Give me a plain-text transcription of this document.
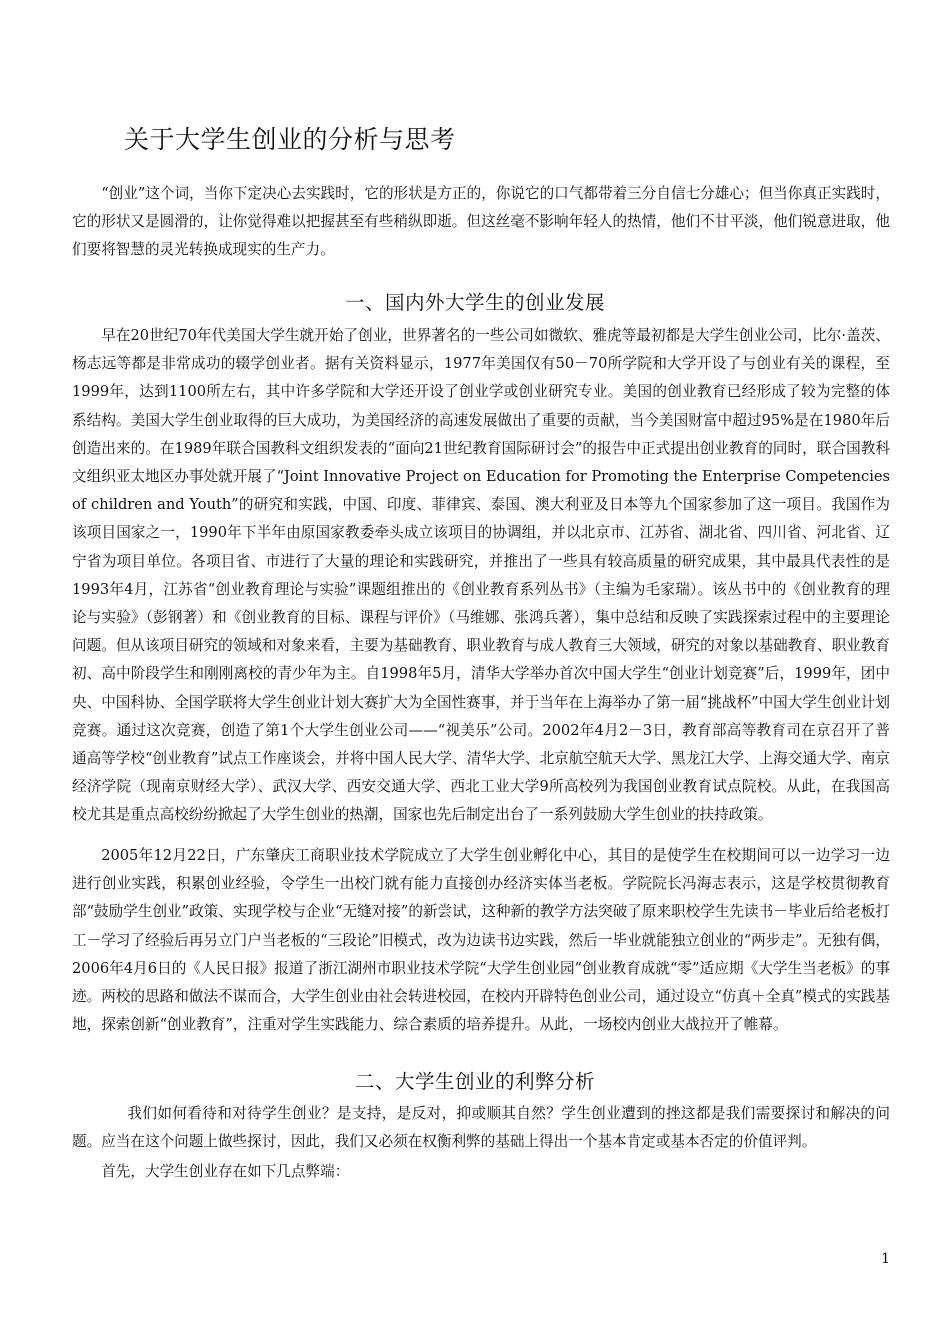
关于大学生创业的分析与思考

“创业”这个词，当你下定决心去实践时，它的形状是方正的，你说它的口气都带着三分自信七分雄心；但当你真正实践时，它的形状又是圆滑的，让你觉得难以把握甚至有些稍纵即逝。但这丝毫不影响年轻人的热情，他们不甘平淡，他们锐意进取，他们要将智慧的灵光转换成现实的生产力。

一、国内外大学生的创业发展

早在20世纪70年代美国大学生就开始了创业，世界著名的一些公司如微软、雅虎等最初都是大学生创业公司，比尔·盖茨、杨志远等都是非常成功的辍学创业者。据有关资料显示，1977年美国仅有50－70所学院和大学开设了与创业有关的课程，至1999年，达到1100所左右，其中许多学院和大学还开设了创业学或创业研究专业。美国的创业教育已经形成了较为完整的体系结构。美国大学生创业取得的巨大成功，为美国经济的高速发展做出了重要的贡献，当今美国财富中超过95%是在1980年后创造出来的。在1989年联合国教科文组织发表的“面向21世纪教育国际研讨会”的报告中正式提出创业教育的同时，联合国教科文组织亚太地区办事处就开展了“Joint Innovative Project on Education for Promoting the Enterprise Competencies of children and Youth”的研究和实践，中国、印度、菲律宾、泰国、澳大利亚及日本等九个国家参加了这一项目。我国作为该项目国家之一，1990年下半年由原国家教委牵头成立该项目的协调组，并以北京市、江苏省、湖北省、四川省、河北省、辽宁省为项目单位。各项目省、市进行了大量的理论和实践研究，并推出了一些具有较高质量的研究成果，其中最具代表性的是1993年4月，江苏省“创业教育理论与实验”课题组推出的《创业教育系列丛书》（主编为毛家瑞）。该丛书中的《创业教育的理论与实验》（彭钢著）和《创业教育的目标、课程与评价》（马维娜、张鸿兵著），集中总结和反映了实践探索过程中的主要理论问题。但从该项目研究的领域和对象来看，主要为基础教育、职业教育与成人教育三大领域，研究的对象以基础教育、职业教育初、高中阶段学生和刚刚离校的青少年为主。自1998年5月，清华大学举办首次中国大学生“创业计划竞赛”后，1999年，团中央、中国科协、全国学联将大学生创业计划大赛扩大为全国性赛事，并于当年在上海举办了第一届“挑战杯”中国大学生创业计划竞赛。通过这次竞赛，创造了第1个大学生创业公司——“视美乐”公司。2002年4月2－3日，教育部高等教育司在京召开了普通高等学校“创业教育”试点工作座谈会，并将中国人民大学、清华大学、北京航空航天大学、黑龙江大学、上海交通大学、南京经济学院（现南京财经大学）、武汉大学、西安交通大学、西北工业大学9所高校列为我国创业教育试点院校。从此，在我国高校尤其是重点高校纷纷掀起了大学生创业的热潮，国家也先后制定出台了一系列鼓励大学生创业的扶持政策。

2005年12月22日，广东肇庆工商职业技术学院成立了大学生创业孵化中心，其目的是使学生在校期间可以一边学习一边进行创业实践，积累创业经验，令学生一出校门就有能力直接创办经济实体当老板。学院院长冯海志表示，这是学校贯彻教育部“鼓励学生创业”政策、实现学校与企业“无缝对接”的新尝试，这种新的教学方法突破了原来职校学生先读书－毕业后给老板打工－学习了经验后再另立门户当老板的“三段论”旧模式，改为边读书边实践，然后一毕业就能独立创业的“两步走”。无独有偶，2006年4月6日的《人民日报》报道了浙江湖州市职业技术学院“大学生创业园”创业教育成就“零”适应期《大学生当老板》的事迹。两校的思路和做法不谋而合，大学生创业由社会转进校园，在校内开辟特色创业公司，通过设立“仿真＋全真”模式的实践基地，探索创新“创业教育”，注重对学生实践能力、综合素质的培养提升。从此，一场校内创业大战拉开了帷幕。

二、大学生创业的利弊分析

我们如何看待和对待学生创业？是支持，是反对，抑或顺其自然？学生创业遭到的挫这都是我们需要探讨和解决的问题。应当在这个问题上做些探讨，因此，我们又必须在权衡利弊的基础上得出一个基本肯定或基本否定的价值评判。

首先，大学生创业存在如下几点弊端：

1
